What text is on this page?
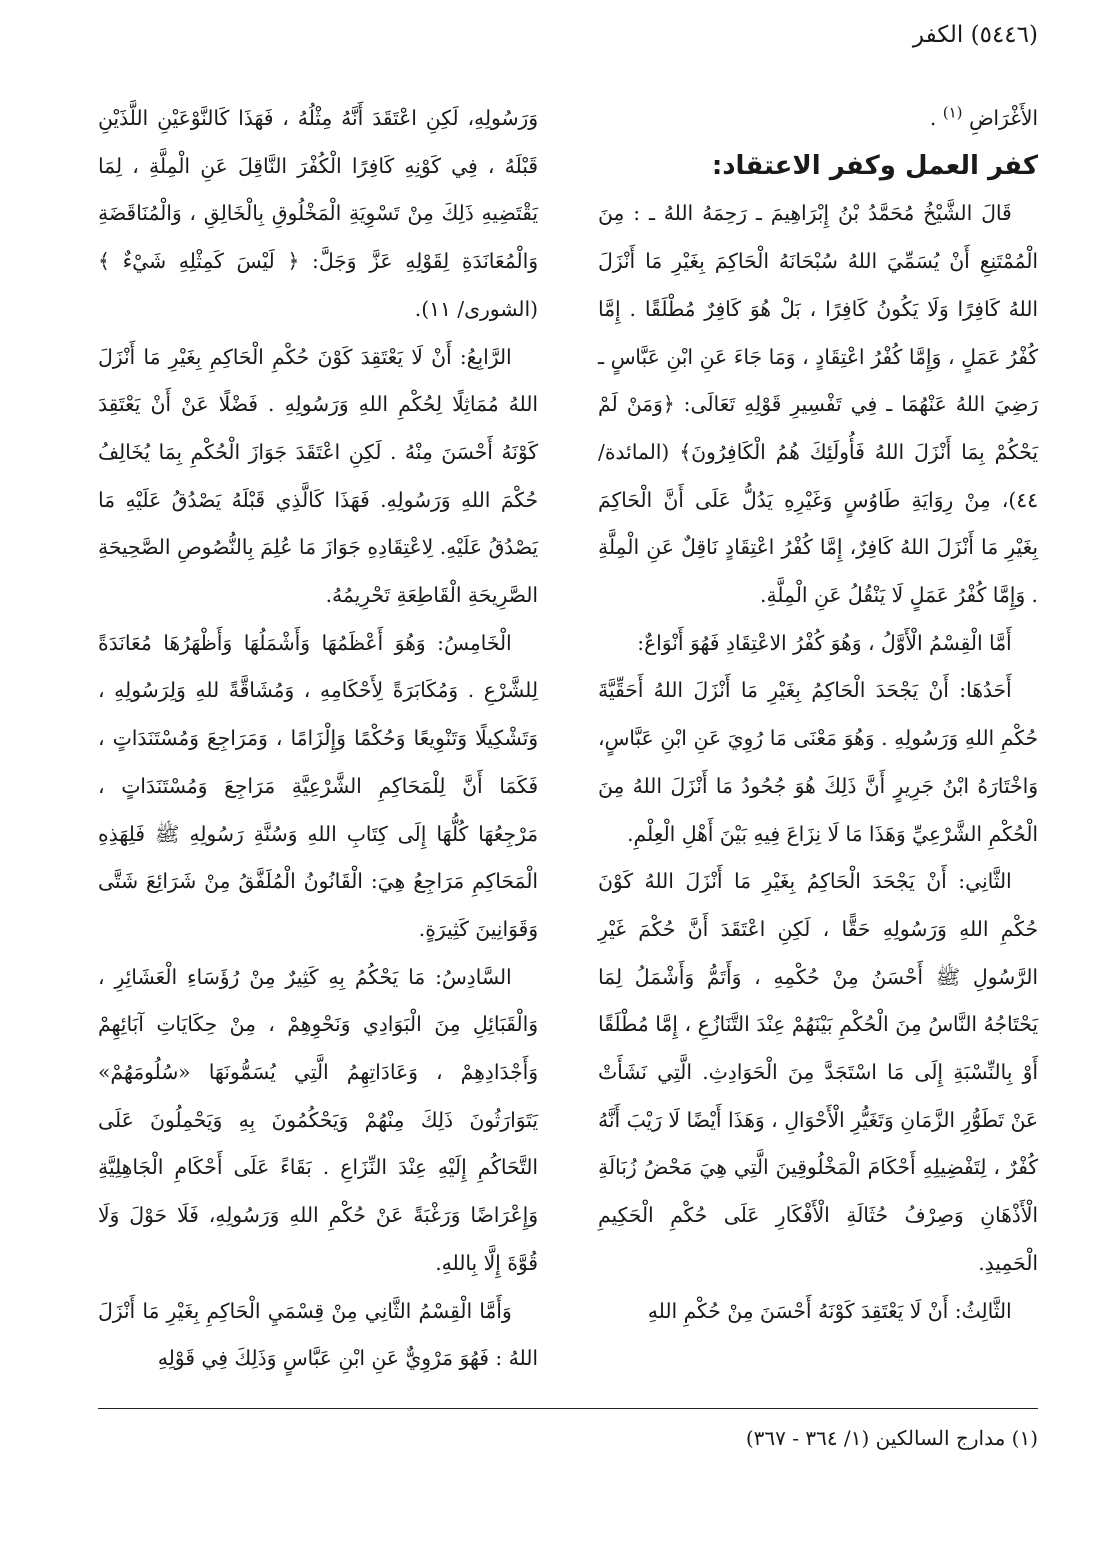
(٥٤٤٦) الكفر

الأَغْرَاضِ $^{(١)}$ .

كفر العمل وكفر الاعتقاد:

قَالَ الشَّيْخُ مُحَمَّدُ بْنُ إِبْرَاهِيمَ ـ رَحِمَهُ اللهُ ـ : مِنَ الْمُمْتَنِعِ أَنْ يُسَمِّيَ اللهُ سُبْحَانَهُ الْحَاكِمَ بِغَيْرِ مَا أَنْزَلَ اللهُ كَافِرًا وَلَا يَكُونُ كَافِرًا ، بَلْ هُوَ كَافِرٌ مُطْلَقًا . إِمَّا كُفْرُ عَمَلٍ ، وَإِمَّا كُفْرُ اعْتِقَادٍ ، وَمَا جَاءَ عَنِ ابْنِ عَبَّاسٍ ـ رَضِيَ اللهُ عَنْهُمَا ـ فِي تَفْسِيرِ قَوْلِهِ تَعَالَى: ﴿وَمَنْ لَمْ يَحْكُمْ بِمَا أَنْزَلَ اللهُ فَأُولَئِكَ هُمُ الْكَافِرُونَ﴾ (المائدة/ ٤٤)، مِنْ رِوَايَةِ طَاوُسٍ وَغَيْرِهِ يَدُلُّ عَلَى أَنَّ الْحَاكِمَ بِغَيْرِ مَا أَنْزَلَ اللهُ كَافِرٌ، إِمَّا كُفْرُ اعْتِقَادٍ نَاقِلٌ عَنِ الْمِلَّةِ . وَإِمَّا كُفْرُ عَمَلٍ لَا يَنْقُلُ عَنِ الْمِلَّةِ.

أَمَّا الْقِسْمُ الْأَوَّلُ ، وَهُوَ كُفْرُ الاعْتِقَادِ فَهُوَ أَنْوَاعٌ:

أَحَدُهَا: أَنْ يَجْحَدَ الْحَاكِمُ بِغَيْرِ مَا أَنْزَلَ اللهُ أَحَقِّيَّةَ حُكْمِ اللهِ وَرَسُولِهِ . وَهُوَ مَعْنَى مَا رُوِيَ عَنِ ابْنِ عَبَّاسٍ، وَاخْتَارَهُ ابْنُ جَرِيرٍ أَنَّ ذَلِكَ هُوَ جُحُودُ مَا أَنْزَلَ اللهُ مِنَ الْحُكْمِ الشَّرْعِيِّ وَهَذَا مَا لَا نِزَاعَ فِيهِ بَيْنَ أَهْلِ الْعِلْمِ.

الثَّانِي: أَنْ يَجْحَدَ الْحَاكِمُ بِغَيْرِ مَا أَنْزَلَ اللهُ كَوْنَ حُكْمِ اللهِ وَرَسُولِهِ حَقًّا ، لَكِنِ اعْتَقَدَ أَنَّ حُكْمَ غَيْرِ الرَّسُولِ ﷺ أَحْسَنُ مِنْ حُكْمِهِ ، وَأَتَمُّ وَأَشْمَلُ لِمَا يَحْتَاجُهُ النَّاسُ مِنَ الْحُكْمِ بَيْنَهُمْ عِنْدَ التَّنَازُعِ ، إِمَّا مُطْلَقًا أَوْ بِالنِّسْبَةِ إِلَى مَا اسْتَجَدَّ مِنَ الْحَوَادِثِ. الَّتِي نَشَأَتْ عَنْ تَطَوُّرِ الزَّمَانِ وَتَغَيُّرِ الْأَحْوَالِ ، وَهَذَا أَيْضًا لَا رَيْبَ أَنَّهُ كُفْرٌ ، لِتَفْضِيلِهِ أَحْكَامَ الْمَخْلُوقِينَ الَّتِي هِيَ مَحْضُ زُبَالَةِ الْأَذْهَانِ وَصِرْفُ حُثَالَةِ الْأَفْكَارِ عَلَى حُكْمِ الْحَكِيمِ الْحَمِيدِ.

الثَّالِثُ: أَنْ لَا يَعْتَقِدَ كَوْنَهُ أَحْسَنَ مِنْ حُكْمِ اللهِ

وَرَسُولِهِ، لَكِنِ اعْتَقَدَ أَنَّهُ مِثْلُهُ ، فَهَذَا كَالنَّوْعَيْنِ اللَّذَيْنِ قَبْلَهُ ، فِي كَوْنِهِ كَافِرًا الْكُفْرَ النَّاقِلَ عَنِ الْمِلَّةِ ، لِمَا يَقْتَضِيهِ ذَلِكَ مِنْ تَسْوِيَةِ الْمَخْلُوقِ بِالْخَالِقِ ، وَالْمُنَاقَضَةِ وَالْمُعَانَدَةِ لِقَوْلِهِ عَزَّ وَجَلَّ: ﴿ لَيْسَ كَمِثْلِهِ شَيْءٌ ﴾(الشورى/ ١١).

الرَّابِعُ: أَنْ لَا يَعْتَقِدَ كَوْنَ حُكْمِ الْحَاكِمِ بِغَيْرِ مَا أَنْزَلَ اللهُ مُمَاثِلًا لِحُكْمِ اللهِ وَرَسُولِهِ . فَضْلًا عَنْ أَنْ يَعْتَقِدَ كَوْنَهُ أَحْسَنَ مِنْهُ . لَكِنِ اعْتَقَدَ جَوَازَ الْحُكْمِ بِمَا يُخَالِفُ حُكْمَ اللهِ وَرَسُولِهِ. فَهَذَا كَالَّذِي قَبْلَهُ يَصْدُقُ عَلَيْهِ مَا يَصْدُقُ عَلَيْهِ. لِاعْتِقَادِهِ جَوَازَ مَا عُلِمَ بِالنُّصُوصِ الصَّحِيحَةِ الصَّرِيحَةِ الْقَاطِعَةِ تَحْرِيمُهُ.

الْخَامِسُ: وَهُوَ أَعْظَمُهَا وَأَشْمَلُهَا وَأَظْهَرُهَا مُعَانَدَةً لِلشَّرْعِ . وَمُكَابَرَةً لِأَحْكَامِهِ ، وَمُشَاقَّةً للهِ وَلِرَسُولِهِ ، وَتَشْكِيلًا وَتَنْوِيعًا وَحُكْمًا وَإِلْزَامًا ، وَمَرَاجِعَ وَمُسْتَنَدَاتٍ ، فَكَمَا أَنَّ لِلْمَحَاكِمِ الشَّرْعِيَّةِ مَرَاجِعَ وَمُسْتَنَدَاتٍ ، مَرْجِعُهَا كُلُّهَا إِلَى كِتَابِ اللهِ وَسُنَّةِ رَسُولِهِ ﷺ فَلِهَذِهِ الْمَحَاكِمِ مَرَاجِعُ هِيَ: الْقَانُونُ الْمُلَفَّقُ مِنْ شَرَائِعَ شَتَّى وَقَوَانِينَ كَثِيرَةٍ.

السَّادِسُ: مَا يَحْكُمُ بِهِ كَثِيرٌ مِنْ رُؤَسَاءِ الْعَشَائِرِ ، وَالْقَبَائِلِ مِنَ الْبَوَادِي وَنَحْوِهِمْ ، مِنْ حِكَايَاتِ آبَائِهِمْ وَأَجْدَادِهِمْ ، وَعَادَاتِهِمُ الَّتِي يُسَمُّونَهَا «سُلُومَهُمْ» يَتَوَارَثُونَ ذَلِكَ مِنْهُمْ وَيَحْكُمُونَ بِهِ وَيَحْمِلُونَ عَلَى التَّحَاكُمِ إِلَيْهِ عِنْدَ النِّزَاعِ . بَقَاءً عَلَى أَحْكَامِ الْجَاهِلِيَّةِ وَإِعْرَاضًا وَرَغْبَةً عَنْ حُكْمِ اللهِ وَرَسُولِهِ، فَلَا حَوْلَ وَلَا قُوَّةَ إِلَّا بِاللهِ.

وَأَمَّا الْقِسْمُ الثَّانِي مِنْ قِسْمَيِ الْحَاكِمِ بِغَيْرِ مَا أَنْزَلَ اللهُ : فَهُوَ مَرْوِيٌّ عَنِ ابْنِ عَبَّاسٍ وَذَلِكَ فِي قَوْلِهِ

(١) مدارج السالكين (١/ ٣٦٤ - ٣٦٧)
